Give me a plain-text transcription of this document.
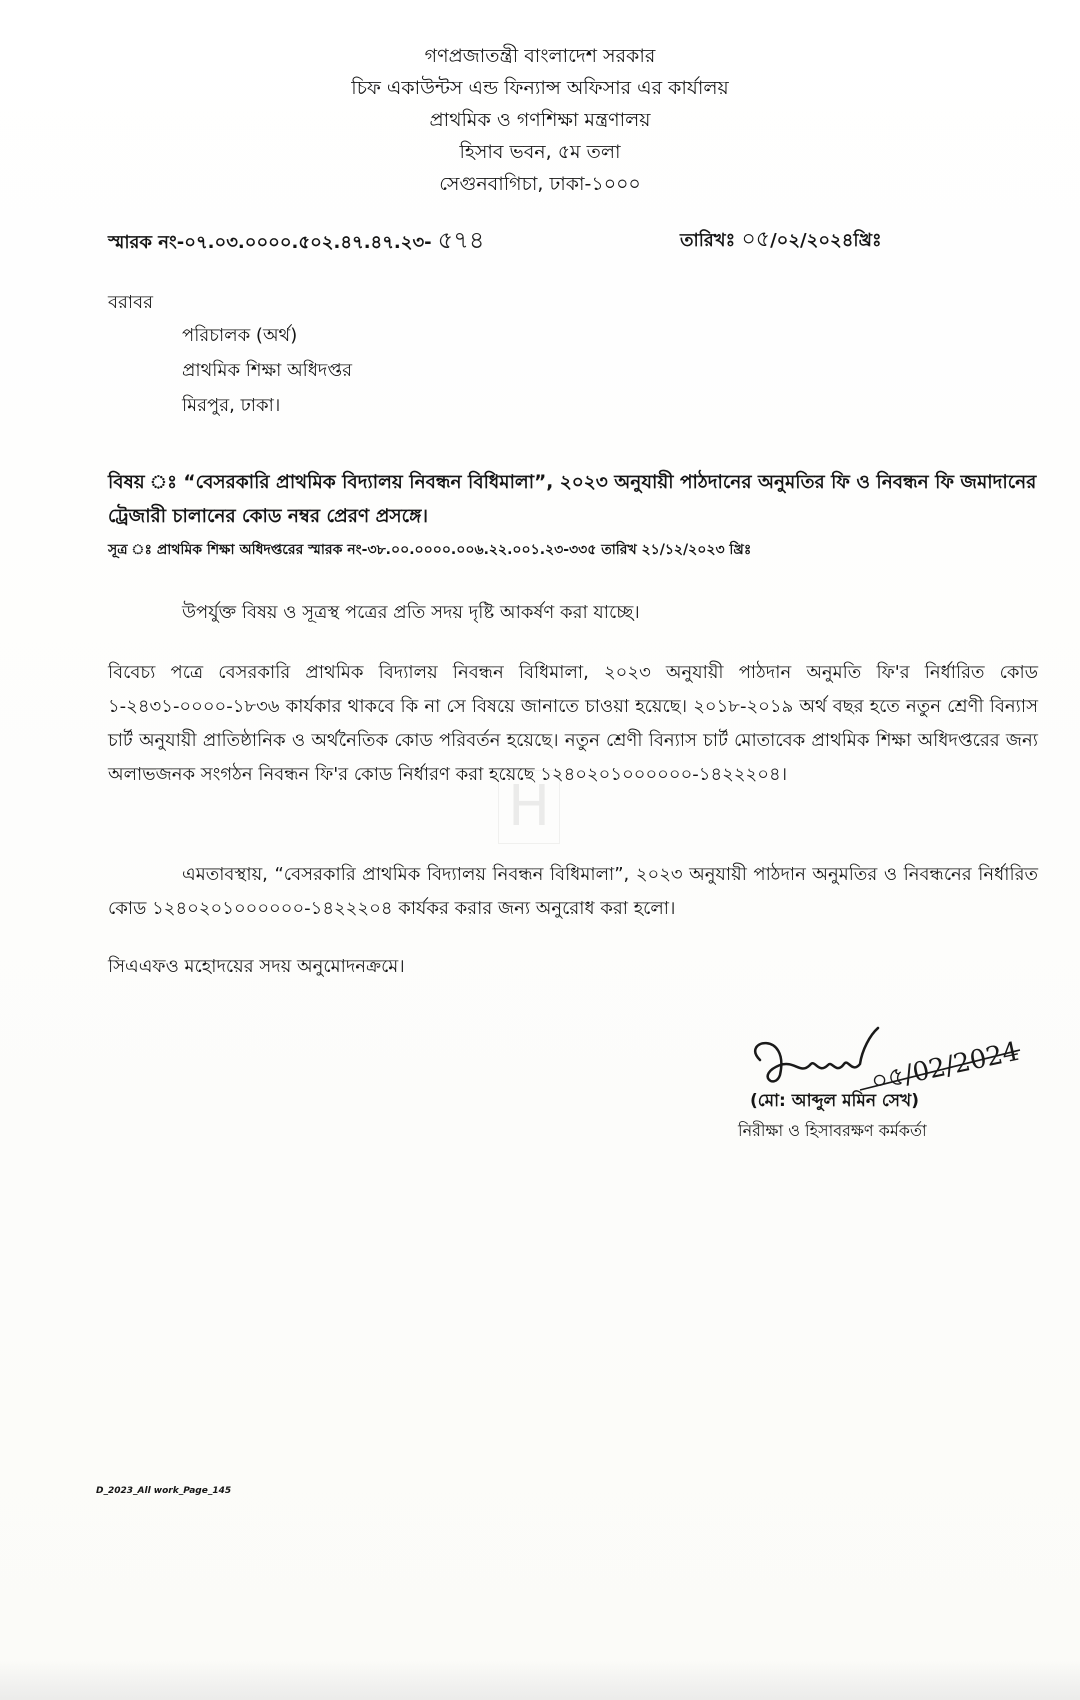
গণপ্রজাতন্ত্রী বাংলাদেশ সরকার
চিফ একাউন্টস এন্ড ফিন্যান্স অফিসার এর কার্যালয়
প্রাথমিক ও গণশিক্ষা মন্ত্রণালয়
হিসাব ভবন, ৫ম তলা
সেগুনবাগিচা, ঢাকা-১০০০
স্মারক নং-০৭.০৩.০০০০.৫০২.৪৭.৪৭.২৩- ৫৭৪	তারিখঃ ০৫/০২/২০২৪খ্রিঃ
বরাবর
পরিচালক (অর্থ)
প্রাথমিক শিক্ষা অধিদপ্তর
মিরপুর, ঢাকা।
বিষয় ঃ “বেসরকারি প্রাথমিক বিদ্যালয় নিবন্ধন বিধিমালা”, ২০২৩ অনুযায়ী পাঠদানের অনুমতির ফি ও নিবন্ধন ফি জমাদানের ট্রেজারী চালানের কোড নম্বর প্রেরণ প্রসঙ্গে।
সূত্র ঃ প্রাথমিক শিক্ষা অধিদপ্তরের স্মারক নং-৩৮.০০.০০০০.০০৬.২২.০০১.২৩-৩৩৫ তারিখ ২১/১২/২০২৩ খ্রিঃ
উপর্যুক্ত বিষয় ও সূত্রস্থ পত্রের প্রতি সদয় দৃষ্টি আকর্ষণ করা যাচ্ছে।
বিবেচ্য পত্রে বেসরকারি প্রাথমিক বিদ্যালয় নিবন্ধন বিধিমালা, ২০২৩ অনুযায়ী পাঠদান অনুমতি ফি'র নির্ধারিত কোড ১-২৪৩১-০০০০-১৮৩৬ কার্যকার থাকবে কি না সে বিষয়ে জানাতে চাওয়া হয়েছে। ২০১৮-২০১৯ অর্থ বছর হতে নতুন শ্রেণী বিন্যাস চার্ট অনুযায়ী প্রাতিষ্ঠানিক ও অর্থনৈতিক কোড পরিবর্তন হয়েছে। নতুন শ্রেণী বিন্যাস চার্ট মোতাবেক প্রাথমিক শিক্ষা অধিদপ্তরের জন্য অলাভজনক সংগঠন নিবন্ধন ফি'র কোড নির্ধারণ করা হয়েছে ১২৪০২০১০০০০০০-১৪২২২০৪।
এমতাবস্থায়, “বেসরকারি প্রাথমিক বিদ্যালয় নিবন্ধন বিধিমালা”, ২০২৩ অনুযায়ী পাঠদান অনুমতির ও নিবন্ধনের নির্ধারিত কোড ১২৪০২০১০০০০০০-১৪২২২০৪ কার্যকর করার জন্য অনুরোধ করা হলো।
সিএএফও মহোদয়ের সদয় অনুমোদনক্রমে।
০৫/02/2024
(মো: আব্দুল মমিন সেখ)
নিরীক্ষা ও হিসাবরক্ষণ কর্মকর্তা
H
D_2023_All work_Page_145
